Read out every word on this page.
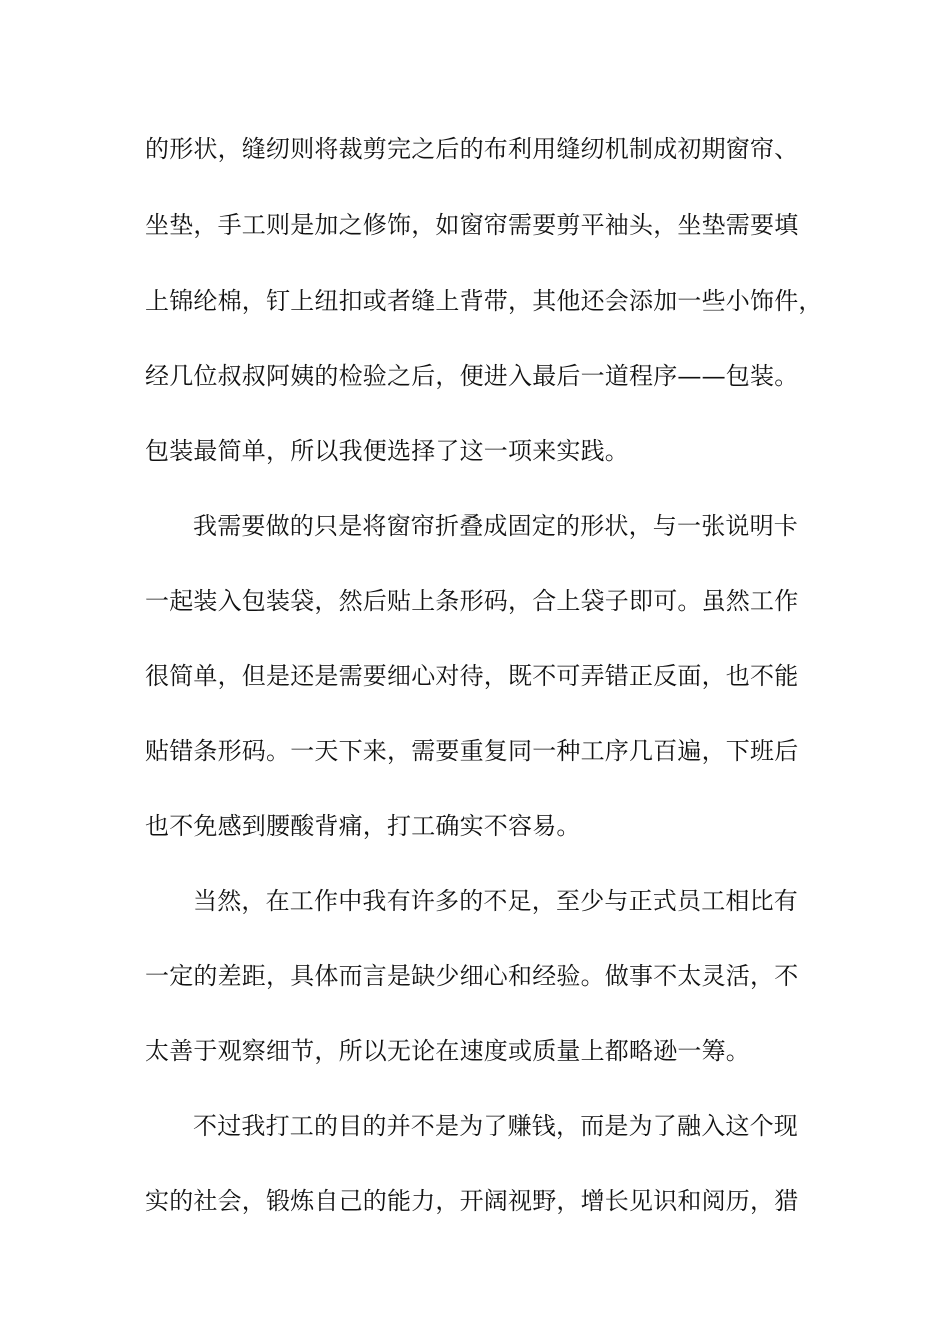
的形状，缝纫则将裁剪完之后的布利用缝纫机制成初期窗帘、
坐垫，手工则是加之修饰，如窗帘需要剪平袖头，坐垫需要填
上锦纶棉，钉上纽扣或者缝上背带，其他还会添加一些小饰件，
经几位叔叔阿姨的检验之后，便进入最后一道程序——包装。
包装最简单，所以我便选择了这一项来实践。
我需要做的只是将窗帘折叠成固定的形状，与一张说明卡
一起装入包装袋，然后贴上条形码，合上袋子即可。虽然工作
很简单，但是还是需要细心对待，既不可弄错正反面，也不能
贴错条形码。一天下来，需要重复同一种工序几百遍，下班后
也不免感到腰酸背痛，打工确实不容易。
当然，在工作中我有许多的不足，至少与正式员工相比有
一定的差距，具体而言是缺少细心和经验。做事不太灵活，不
太善于观察细节，所以无论在速度或质量上都略逊一筹。
不过我打工的目的并不是为了赚钱，而是为了融入这个现
实的社会，锻炼自己的能力，开阔视野，增长见识和阅历，猎
